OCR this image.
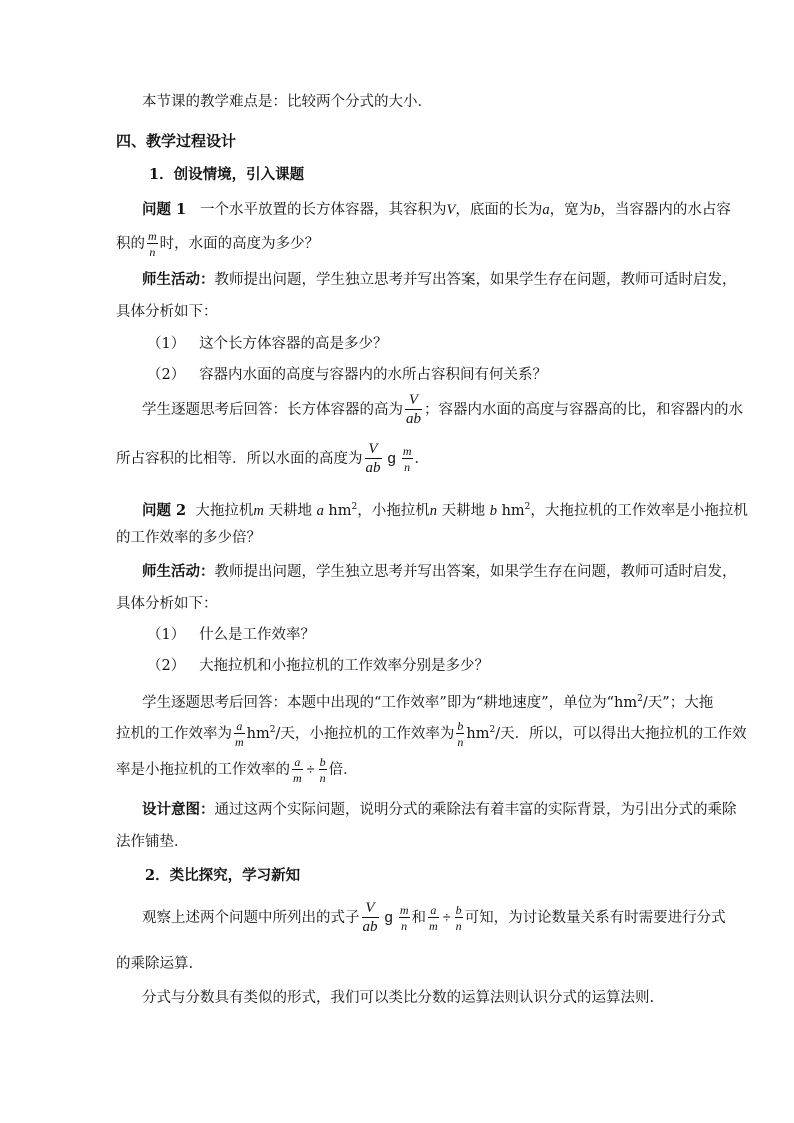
本节课的教学难点是：比较两个分式的大小．
四、教学过程设计
1．创设情境，引入课题
问题 1 一个水平放置的长方体容器，其容积为V，底面的长为a，宽为b，当容器内的水占容
积的 $\frac{m}{n}$ 时，水面的高度为多少？
师生活动：教师提出问题，学生独立思考并写出答案，如果学生存在问题，教师可适时启发，
具体分析如下：
（1） 这个长方体容器的高是多少？
（2） 容器内水面的高度与容器内的水所占容积间有何关系？
学生逐题思考后回答：长方体容器的高为 $\frac{V}{ab}$ ；容器内水面的高度与容器高的比，和容器内的水
所占容积的比相等．所以水面的高度为 $\frac{V}{ab}$ g $\frac{m}{n}$ ．
问题 2 大拖拉机m 天耕地 a $hm^2$，小拖拉机n 天耕地 b $hm^2$，大拖拉机的工作效率是小拖拉机
的工作效率的多少倍？
师生活动：教师提出问题，学生独立思考并写出答案，如果学生存在问题，教师可适时启发，
具体分析如下：
（1） 什么是工作效率？
（2） 大拖拉机和小拖拉机的工作效率分别是多少？
学生逐题思考后回答：本题中出现的“工作效率”即为“耕地速度”，单位为“$hm^2/$天”；大拖
拉机的工作效率为 $\frac{a}{m} hm^2/$天，小拖拉机的工作效率为 $\frac{b}{n} hm^2/$天．所以，可以得出大拖拉机的工作效
率是小拖拉机的工作效率的 $\frac{a}{m} \div \frac{b}{n}$ 倍．
设计意图：通过这两个实际问题，说明分式的乘除法有着丰富的实际背景，为引出分式的乘除
法作铺垫．
2．类比探究，学习新知
观察上述两个问题中所列出的式子 $\frac{V}{ab}$ g $\frac{m}{n}$ 和 $\frac{a}{m} \div \frac{b}{n}$ 可知，为讨论数量关系有时需要进行分式
的乘除运算.
分式与分数具有类似的形式，我们可以类比分数的运算法则认识分式的运算法则.
